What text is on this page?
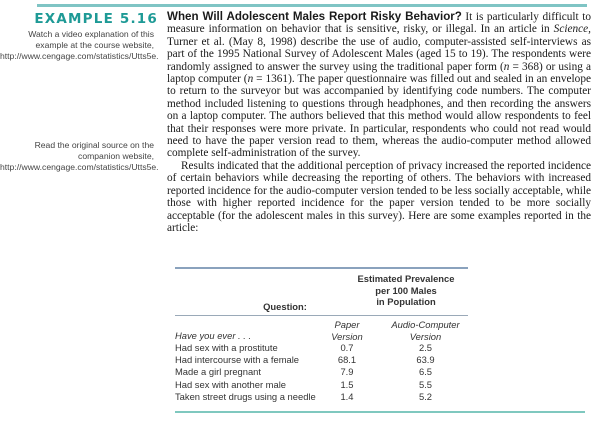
EXAMPLE 5.16
Watch a video explanation of this example at the course website, http://www.cengage.com/statistics/Utts5e.
Read the original source on the companion website, http://www.cengage.com/statistics/Utts5e.

When Will Adolescent Males Report Risky Behavior? It is particularly difficult to measure information on behavior that is sensitive, risky, or illegal. In an article in Science, Turner et al. (May 8, 1998) describe the use of audio, computer-assisted self-interviews as part of the 1995 National Survey of Adolescent Males (aged 15 to 19). The respondents were randomly assigned to answer the survey using the traditional paper form (n = 368) or using a laptop computer (n = 1361). The paper questionnaire was filled out and sealed in an envelope to return to the surveyor but was accompanied by identifying code numbers. The computer method included listening to questions through headphones, and then recording the answers on a laptop computer. The authors believed that this method would allow respondents to feel that their responses were more private. In particular, respondents who could not read would need to have the paper version read to them, whereas the audio-computer method allowed complete self-administration of the survey.

Results indicated that the additional perception of privacy increased the reported incidence of certain behaviors while decreasing the reporting of others. The behaviors with increased reported incidence for the audio-computer version tended to be less socially acceptable, while those with higher reported incidence for the paper version tended to be more socially acceptable (for the adolescent males in this survey). Here are some examples reported in the article:

Estimated Prevalence
per 100 Males
in Population
Question:
Paper
Version
Audio-Computer
Version
Have you ever . . .
Had sex with a prostitute	0.7	2.5
Had intercourse with a female	68.1	63.9
Made a girl pregnant	7.9	6.5
Had sex with another male	1.5	5.5
Taken street drugs using a needle	1.4	5.2
